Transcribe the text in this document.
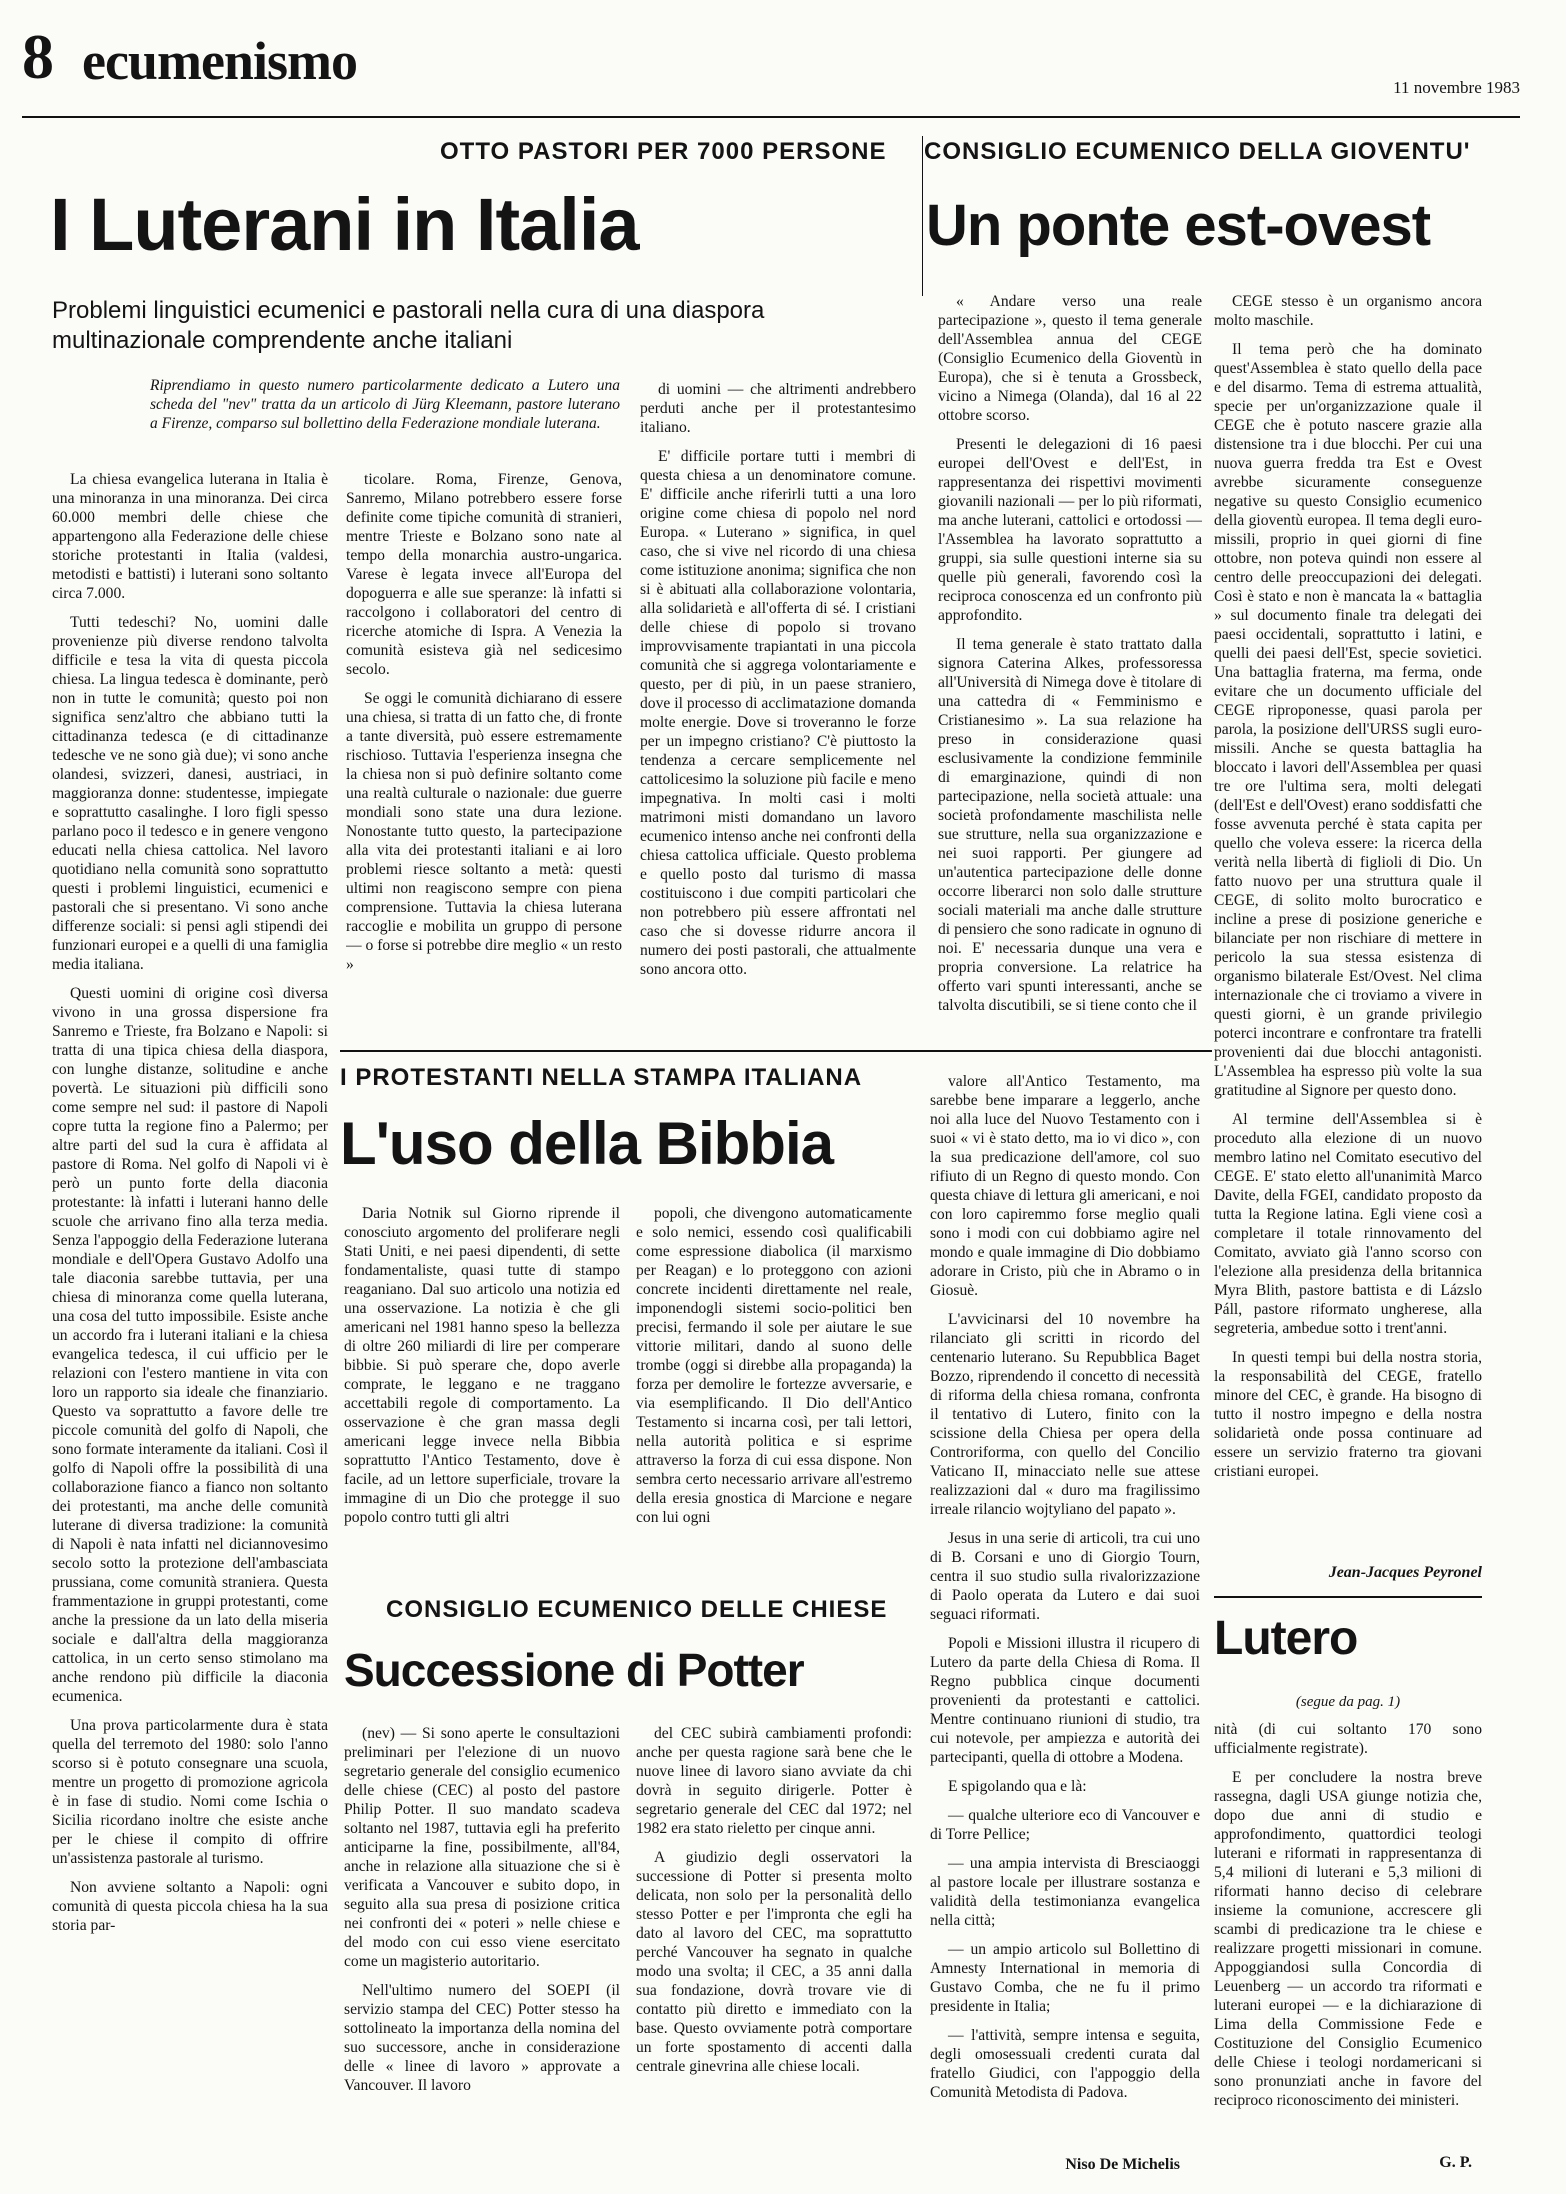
8 ecumenismo	11 novembre 1983
OTTO PASTORI PER 7000 PERSONE
I Luterani in Italia
Problemi linguistici ecumenici e pastorali nella cura di una diaspora multinazionale comprendente anche italiani
Riprendiamo in questo numero particolarmente dedicato a Lutero una scheda del "nev" tratta da un articolo di Jürg Kleemann, pastore luterano a Firenze, comparso sul bollettino della Federazione mondiale luterana.

La chiesa evangelica luterana in Italia è una minoranza in una minoranza. Dei circa 60.000 membri delle chiese che appartengono alla Federazione delle chiese storiche protestanti in Italia (valdesi, metodisti e battisti) i luterani sono soltanto circa 7.000.

Tutti tedeschi? No, uomini dalle provenienze più diverse rendono talvolta difficile e tesa la vita di questa piccola chiesa. La lingua tedesca è dominante, però non in tutte le comunità; questo poi non significa senz'altro che abbiano tutti la cittadinanza tedesca (e di cittadinanze tedesche ve ne sono già due); vi sono anche olandesi, svizzeri, danesi, austriaci, in maggioranza donne: studentesse, impiegate e soprattutto casalinghe. I loro figli spesso parlano poco il tedesco e in genere vengono educati nella chiesa cattolica. Nel lavoro quotidiano nella comunità sono soprattutto questi i problemi linguistici, ecumenici e pastorali che si presentano. Vi sono anche differenze sociali: si pensi agli stipendi dei funzionari europei e a quelli di una famiglia media italiana.

Questi uomini di origine così diversa vivono in una grossa dispersione fra Sanremo e Trieste, fra Bolzano e Napoli: si tratta di una tipica chiesa della diaspora, con lunghe distanze, solitudine e anche povertà. Le situazioni più difficili sono come sempre nel sud: il pastore di Napoli copre tutta la regione fino a Palermo; per altre parti del sud la cura è affidata al pastore di Roma. Nel golfo di Napoli vi è però un punto forte della diaconia protestante: là infatti i luterani hanno delle scuole che arrivano fino alla terza media. Senza l'appoggio della Federazione luterana mondiale e dell'Opera Gustavo Adolfo una tale diaconia sarebbe tuttavia, per una chiesa di minoranza come quella luterana, una cosa del tutto impossibile. Esiste anche un accordo fra i luterani italiani e la chiesa evangelica tedesca, il cui ufficio per le relazioni con l'estero mantiene in vita con loro un rapporto sia ideale che finanziario. Questo va soprattutto a favore delle tre piccole comunità del golfo di Napoli, che sono formate interamente da italiani. Così il golfo di Napoli offre la possibilità di una collaborazione fianco a fianco non soltanto dei protestanti, ma anche delle comunità luterane di diversa tradizione: la comunità di Napoli è nata infatti nel diciannovesimo secolo sotto la protezione dell'ambasciata prussiana, come comunità straniera. Questa frammentazione in gruppi protestanti, come anche la pressione da un lato della miseria sociale e dall'altra della maggioranza cattolica, in un certo senso stimolano ma anche rendono più difficile la diaconia ecumenica.

Una prova particolarmente dura è stata quella del terremoto del 1980: solo l'anno scorso si è potuto consegnare una scuola, mentre un progetto di promozione agricola è in fase di studio. Nomi come Ischia o Sicilia ricordano inoltre che esiste anche per le chiese il compito di offrire un'assistenza pastorale al turismo.

Non avviene soltanto a Napoli: ogni comunità di questa piccola chiesa ha la sua storia par-

ticolare. Roma, Firenze, Genova, Sanremo, Milano potrebbero essere forse definite come tipiche comunità di stranieri, mentre Trieste e Bolzano sono nate al tempo della monarchia austro-ungarica. Varese è legata invece all'Europa del dopoguerra e alle sue speranze: là infatti si raccolgono i collaboratori del centro di ricerche atomiche di Ispra. A Venezia la comunità esisteva già nel sedicesimo secolo.

Se oggi le comunità dichiarano di essere una chiesa, si tratta di un fatto che, di fronte a tante diversità, può essere estremamente rischioso. Tuttavia l'esperienza insegna che la chiesa non si può definire soltanto come una realtà culturale o nazionale: due guerre mondiali sono state una dura lezione. Nonostante tutto questo, la partecipazione alla vita dei protestanti italiani e ai loro problemi riesce soltanto a metà: questi ultimi non reagiscono sempre con piena comprensione. Tuttavia la chiesa luterana raccoglie e mobilita un gruppo di persone — o forse si potrebbe dire meglio « un resto »

di uomini — che altrimenti andrebbero perduti anche per il protestantesimo italiano.

E' difficile portare tutti i membri di questa chiesa a un denominatore comune. E' difficile anche riferirli tutti a una loro origine come chiesa di popolo nel nord Europa. « Luterano » significa, in quel caso, che si vive nel ricordo di una chiesa come istituzione anonima; significa che non si è abituati alla collaborazione volontaria, alla solidarietà e all'offerta di sé. I cristiani delle chiese di popolo si trovano improvvisamente trapiantati in una piccola comunità che si aggrega volontariamente e questo, per di più, in un paese straniero, dove il processo di acclimatazione domanda molte energie. Dove si troveranno le forze per un impegno cristiano? C'è piuttosto la tendenza a cercare semplicemente nel cattolicesimo la soluzione più facile e meno impegnativa. In molti casi i molti matrimoni misti domandano un lavoro ecumenico intenso anche nei confronti della chiesa cattolica ufficiale. Questo problema e quello posto dal turismo di massa costituiscono i due compiti particolari che non potrebbero più essere affrontati nel caso che si dovesse ridurre ancora il numero dei posti pastorali, che attualmente sono ancora otto.

CONSIGLIO ECUMENICO DELLA GIOVENTU'
Un ponte est-ovest

« Andare verso una reale partecipazione », questo il tema generale dell'Assemblea annua del CEGE (Consiglio Ecumenico della Gioventù in Europa), che si è tenuta a Grossbeck, vicino a Nimega (Olanda), dal 16 al 22 ottobre scorso.

Presenti le delegazioni di 16 paesi europei dell'Ovest e dell'Est, in rappresentanza dei rispettivi movimenti giovanili nazionali — per lo più riformati, ma anche luterani, cattolici e ortodossi — l'Assemblea ha lavorato soprattutto a gruppi, sia sulle questioni interne sia su quelle più generali, favorendo così la reciproca conoscenza ed un confronto più approfondito.

Il tema generale è stato trattato dalla signora Caterina Alkes, professoressa all'Università di Nimega dove è titolare di una cattedra di « Femminismo e Cristianesimo ». La sua relazione ha preso in considerazione quasi esclusivamente la condizione femminile di emarginazione, quindi di non partecipazione, nella società attuale: una società profondamente maschilista nelle sue strutture, nella sua organizzazione e nei suoi rapporti. Per giungere ad un'autentica partecipazione delle donne occorre liberarci non solo dalle strutture sociali materiali ma anche dalle strutture di pensiero che sono radicate in ognuno di noi. E' necessaria dunque una vera e propria conversione. La relatrice ha offerto vari spunti interessanti, anche se talvolta discutibili, se si tiene conto che il

CEGE stesso è un organismo ancora molto maschile.

Il tema però che ha dominato quest'Assemblea è stato quello della pace e del disarmo. Tema di estrema attualità, specie per un'organizzazione quale il CEGE che è potuto nascere grazie alla distensione tra i due blocchi. Per cui una nuova guerra fredda tra Est e Ovest avrebbe sicuramente conseguenze negative su questo Consiglio ecumenico della gioventù europea. Il tema degli euro-missili, proprio in quei giorni di fine ottobre, non poteva quindi non essere al centro delle preoccupazioni dei delegati. Così è stato e non è mancata la « battaglia » sul documento finale tra delegati dei paesi occidentali, soprattutto i latini, e quelli dei paesi dell'Est, specie sovietici. Una battaglia fraterna, ma ferma, onde evitare che un documento ufficiale del CEGE riproponesse, quasi parola per parola, la posizione dell'URSS sugli euro-missili. Anche se questa battaglia ha bloccato i lavori dell'Assemblea per quasi tre ore l'ultima sera, molti delegati (dell'Est e dell'Ovest) erano soddisfatti che fosse avvenuta perché è stata capita per quello che voleva essere: la ricerca della verità nella libertà di figlioli di Dio. Un fatto nuovo per una struttura quale il CEGE, di solito molto burocratico e incline a prese di posizione generiche e bilanciate per non rischiare di mettere in pericolo la sua stessa esistenza di organismo bilaterale Est/Ovest. Nel clima internazionale che ci troviamo a vivere in questi giorni, è un grande privilegio poterci incontrare e confrontare tra fratelli provenienti dai due blocchi antagonisti. L'Assemblea ha espresso più volte la sua gratitudine al Signore per questo dono.

Al termine dell'Assemblea si è proceduto alla elezione di un nuovo membro latino nel Comitato esecutivo del CEGE. E' stato eletto all'unanimità Marco Davite, della FGEI, candidato proposto da tutta la Regione latina. Egli viene così a completare il totale rinnovamento del Comitato, avviato già l'anno scorso con l'elezione alla presidenza della britannica Myra Blith, pastore battista e di Lázslo Páll, pastore riformato ungherese, alla segreteria, ambedue sotto i trent'anni.

In questi tempi bui della nostra storia, la responsabilità del CEGE, fratello minore del CEC, è grande. Ha bisogno di tutto il nostro impegno e della nostra solidarietà onde possa continuare ad essere un servizio fraterno tra giovani cristiani europei.

Jean-Jacques Peyronel
I PROTESTANTI NELLA STAMPA ITALIANA
L'uso della Bibbia

Daria Notnik sul Giorno riprende il conosciuto argomento del proliferare negli Stati Uniti, e nei paesi dipendenti, di sette fondamentaliste, quasi tutte di stampo reaganiano. Dal suo articolo una notizia ed una osservazione. La notizia è che gli americani nel 1981 hanno speso la bellezza di oltre 260 miliardi di lire per comperare bibbie. Si può sperare che, dopo averle comprate, le leggano e ne traggano accettabili regole di comportamento. La osservazione è che gran massa degli americani legge invece nella Bibbia soprattutto l'Antico Testamento, dove è facile, ad un lettore superficiale, trovare la immagine di un Dio che protegge il suo popolo contro tutti gli altri

popoli, che divengono automaticamente e solo nemici, essendo così qualificabili come espressione diabolica (il marxismo per Reagan) e lo proteggono con azioni concrete incidenti direttamente nel reale, imponendogli sistemi socio-politici ben precisi, fermando il sole per aiutare le sue vittorie militari, dando al suono delle trombe (oggi si direbbe alla propaganda) la forza per demolire le fortezze avversarie, e via esemplificando. Il Dio dell'Antico Testamento si incarna così, per tali lettori, nella autorità politica e si esprime attraverso la forza di cui essa dispone. Non sembra certo necessario arrivare all'estremo della eresia gnostica di Marcione e negare con lui ogni

valore all'Antico Testamento, ma sarebbe bene imparare a leggerlo, anche noi alla luce del Nuovo Testamento con i suoi « vi è stato detto, ma io vi dico », con la sua predicazione dell'amore, col suo rifiuto di un Regno di questo mondo. Con questa chiave di lettura gli americani, e noi con loro capiremmo forse meglio quali sono i modi con cui dobbiamo agire nel mondo e quale immagine di Dio dobbiamo adorare in Cristo, più che in Abramo o in Giosuè.

L'avvicinarsi del 10 novembre ha rilanciato gli scritti in ricordo del centenario luterano. Su Repubblica Baget Bozzo, riprendendo il concetto di necessità di riforma della chiesa romana, confronta il tentativo di Lutero, finito con la scissione della Chiesa per opera della Controriforma, con quello del Concilio Vaticano II, minacciato nelle sue attese realizzazioni dal « duro ma fragilissimo irreale rilancio wojtyliano del papato ».

Jesus in una serie di articoli, tra cui uno di B. Corsani e uno di Giorgio Tourn, centra il suo studio sulla rivalorizzazione di Paolo operata da Lutero e dai suoi seguaci riformati.

Popoli e Missioni illustra il ricupero di Lutero da parte della Chiesa di Roma. Il Regno pubblica cinque documenti provenienti da protestanti e cattolici. Mentre continuano riunioni di studio, tra cui notevole, per ampiezza e autorità dei partecipanti, quella di ottobre a Modena.

E spigolando qua e là:

— qualche ulteriore eco di Vancouver e di Torre Pellice;

— una ampia intervista di Bresciaoggi al pastore locale per illustrare sostanza e validità della testimonianza evangelica nella città;

— un ampio articolo sul Bollettino di Amnesty International in memoria di Gustavo Comba, che ne fu il primo presidente in Italia;

— l'attività, sempre intensa e seguita, degli omosessuali credenti curata dal fratello Giudici, con l'appoggio della Comunità Metodista di Padova.

Niso De Michelis
CONSIGLIO ECUMENICO DELLE CHIESE
Successione di Potter

(nev) — Si sono aperte le consultazioni preliminari per l'elezione di un nuovo segretario generale del consiglio ecumenico delle chiese (CEC) al posto del pastore Philip Potter. Il suo mandato scadeva soltanto nel 1987, tuttavia egli ha preferito anticiparne la fine, possibilmente, all'84, anche in relazione alla situazione che si è verificata a Vancouver e subito dopo, in seguito alla sua presa di posizione critica nei confronti dei « poteri » nelle chiese e del modo con cui esso viene esercitato come un magisterio autoritario.

Nell'ultimo numero del SOEPI (il servizio stampa del CEC) Potter stesso ha sottolineato la importanza della nomina del suo successore, anche in considerazione delle « linee di lavoro » approvate a Vancouver. Il lavoro

del CEC subirà cambiamenti profondi: anche per questa ragione sarà bene che le nuove linee di lavoro siano avviate da chi dovrà in seguito dirigerle. Potter è segretario generale del CEC dal 1972; nel 1982 era stato rieletto per cinque anni.

A giudizio degli osservatori la successione di Potter si presenta molto delicata, non solo per la personalità dello stesso Potter e per l'impronta che egli ha dato al lavoro del CEC, ma soprattutto perché Vancouver ha segnato in qualche modo una svolta; il CEC, a 35 anni dalla sua fondazione, dovrà trovare vie di contatto più diretto e immediato con la base. Questo ovviamente potrà comportare un forte spostamento di accenti dalla centrale ginevrina alle chiese locali.

Lutero
(segue da pag. 1)

nità (di cui soltanto 170 sono ufficialmente registrate).

E per concludere la nostra breve rassegna, dagli USA giunge notizia che, dopo due anni di studio e approfondimento, quattordici teologi luterani e riformati in rappresentanza di 5,4 milioni di luterani e 5,3 milioni di riformati hanno deciso di celebrare insieme la comunione, accrescere gli scambi di predicazione tra le chiese e realizzare progetti missionari in comune. Appoggiandosi sulla Concordia di Leuenberg — un accordo tra riformati e luterani europei — e la dichiarazione di Lima della Commissione Fede e Costituzione del Consiglio Ecumenico delle Chiese i teologi nordamericani si sono pronunziati anche in favore del reciproco riconoscimento dei ministeri.

G. P.
